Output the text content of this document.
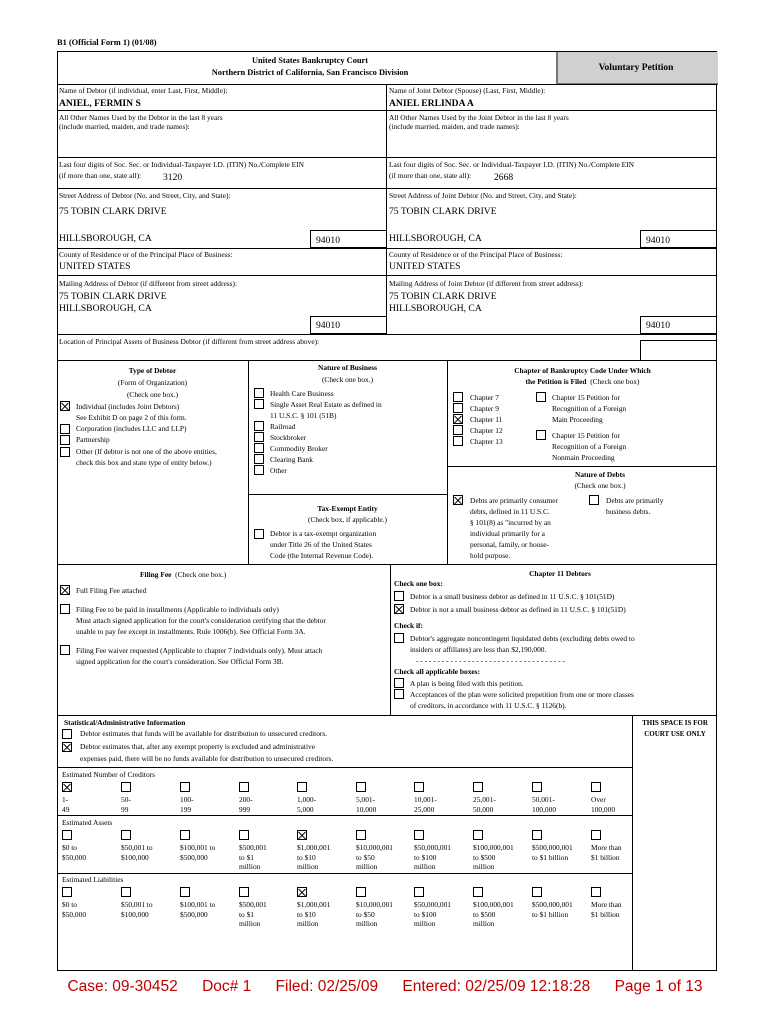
B1 (Official Form 1) (01/08)
United States Bankruptcy Court
Northern District of California, San Francisco Division	Voluntary Petition
Name of Debtor (if individual, enter Last, First, Middle):
ANIEL, FERMIN S
Name of Joint Debtor (Spouse) (Last, First, Middle):
ANIEL ERLINDA A
All Other Names Used by the Debtor in the last 8 years
(include married, maiden, and trade names):
All Other Names Used by the Joint Debtor in the last 8 years
(include married, maiden, and trade names):
Last four digits of Soc. Sec. or Individual-Taxpayer I.D. (ITIN) No./Complete EIN
(if more than one, state all): 3120
Last four digits of Soc. Sec. or Individual-Taxpayer I.D. (ITIN) No./Complete EIN
(if more than one, state all): 2668
Street Address of Debtor (No. and Street, City, and State):
75 TOBIN CLARK DRIVE
HILLSBOROUGH, CA	94010
Street Address of Joint Debtor (No. and Street, City, and State):
75 TOBIN CLARK DRIVE
HILLSBOROUGH, CA	94010
County of Residence or of the Principal Place of Business:
UNITED STATES
County of Residence or of the Principal Place of Business:
UNITED STATES
Mailing Address of Debtor (if different from street address):
75 TOBIN CLARK DRIVE
HILLSBOROUGH, CA
94010
Mailing Address of Joint Debtor (if different from street address):
75 TOBIN CLARK DRIVE
HILLSBOROUGH, CA
94010
Location of Principal Assets of Business Debtor (if different from street address above):
Type of Debtor
(Form of Organization)
(Check one box.)
Individual (includes Joint Debtors)
See Exhibit D on page 2 of this form.
Corporation (includes LLC and LLP)
Partnership
Other (If debtor is not one of the above entities,
check this box and state type of entity below.)
Nature of Business
(Check one box.)
Health Care Business
Single Asset Real Estate as defined in
11 U.S.C. § 101 (51B)
Railroad
Stockbroker
Commodity Broker
Clearing Bank
Other
Tax-Exempt Entity
(Check box, if applicable.)
Debtor is a tax-exempt organization
under Title 26 of the United States
Code (the Internal Revenue Code).
Chapter of Bankruptcy Code Under Which
the Petition is Filed (Check one box)
Chapter 7
Chapter 9
Chapter 11
Chapter 12
Chapter 13
Chapter 15 Petition for
Recognition of a Foreign
Main Proceeding
Chapter 15 Petition for
Recognition of a Foreign
Nonmain Proceeding
Nature of Debts
(Check one box.)
Debts are primarily consumer
debts, defined in 11 U.S.C.
§ 101(8) as "incurred by an
individual primarily for a
personal, family, or house-
hold purpose.
Debts are primarily
business debts.
Filing Fee (Check one box.)
Full Filing Fee attached
Filing Fee to be paid in installments (Applicable to individuals only)
Must attach signed application for the court's consideration certifying that the debtor
unable to pay fee except in installments. Rule 1006(b). See Official Form 3A.
Filing Fee waiver requested (Applicable to chapter 7 individuals only). Must attach
signed application for the court's consideration. See Official Form 3B.
Chapter 11 Debtors
Check one box:
Debtor is a small business debtor as defined in 11 U.S.C. § 101(51D)
Debtor is not a small business debtor as defined in 11 U.S.C. § 101(51D)
Check if:
Debtor's aggregate noncontingent liquidated debts (excluding debts owed to
insiders or affiliates) are less than $2,190,000.
- - - - - - - - - - - - - - - - - - - - - - - - - - - - - - - - - - -
Check all applicable boxes:
A plan is being filed with this petition.
Acceptances of the plan were solicited prepetition from one or more classes
of creditors, in accordance with 11 U.S.C. § 1126(b).
Statistical/Administrative Information
Debtor estimates that funds will be available for distribution to unsecured creditors.
Debtor estimates that, after any exempt property is excluded and administrative
expenses paid, there will be no funds available for distribution to unsecured creditors.
THIS SPACE IS FOR
COURT USE ONLY
Estimated Number of Creditors
1-
49
50-
99
100-
199
200-
999
1,000-
5,000
5,001-
10,000
10,001-
25,000
25,001-
50,000
50,001-
100,000
Over
100,000
Estimated Assets
$0 to
$50,000
$50,001 to
$100,000
$100,001 to
$500,000
$500,001
to $1
million
$1,000,001
to $10
million
$10,000,001
to $50
million
$50,000,001
to $100
million
$100,000,001
to $500
million
$500,000,001
to $1 billion
More than
$1 billion
Estimated Liabilities
$0 to
$50,000
$50,001 to
$100,000
$100,001 to
$500,000
$500,001
to $1
million
$1,000,001
to $10
million
$10,000,001
to $50
million
$50,000,001
to $100
million
$100,000,001
to $500
million
$500,000,001
to $1 billion
More than
$1 billion
Case: 09-30452 Doc# 1 Filed: 02/25/09 Entered: 02/25/09 12:18:28 Page 1 of 13
